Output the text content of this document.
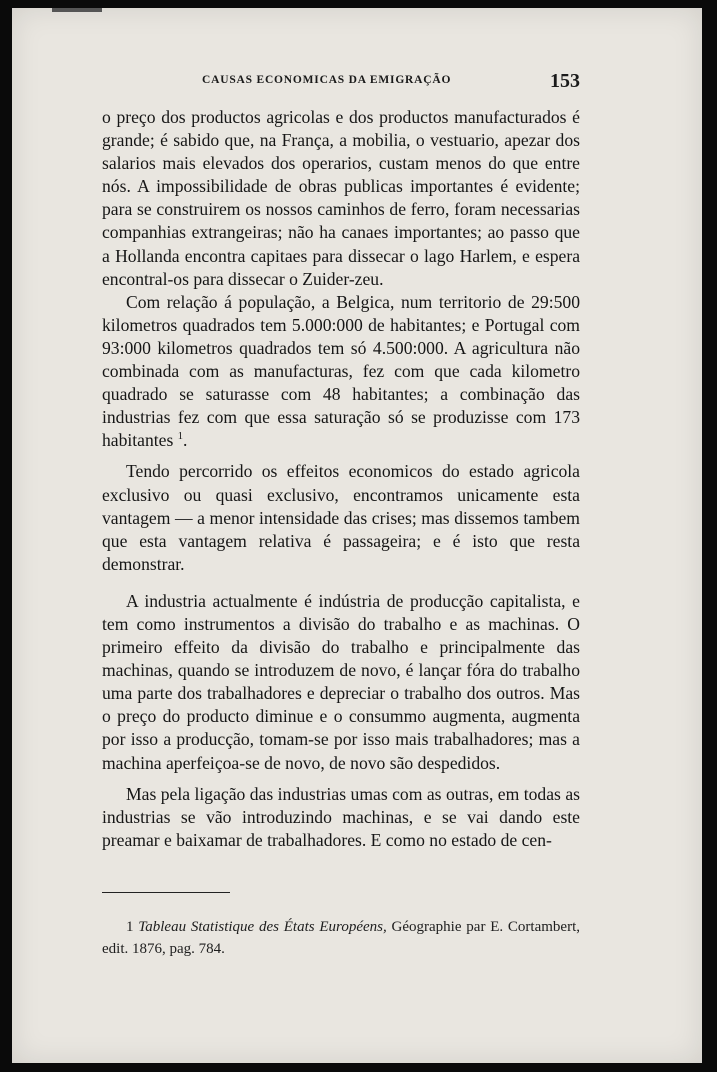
CAUSAS ECONOMICAS DA EMIGRAÇÃO	153

o preço dos productos agricolas e dos productos manufacturados é grande; é sabido que, na França, a mobilia, o vestuario, apezar dos salarios mais elevados dos operarios, custam menos do que entre nós. A impossibilidade de obras publicas importantes é evidente; para se construirem os nossos caminhos de ferro, foram necessarias companhias extrangeiras; não ha canaes importantes; ao passo que a Hollanda encontra capitaes para dissecar o lago Harlem, e espera encontral-os para dissecar o Zuider-zeu.

Com relação á população, a Belgica, num territorio de 29:500 kilometros quadrados tem 5.000:000 de habitantes; e Portugal com 93:000 kilometros quadrados tem só 4.500:000. A agricultura não combinada com as manufacturas, fez com que cada kilometro quadrado se saturasse com 48 habitantes; a combinação das industrias fez com que essa saturação só se produzisse com 173 habitantes $^1$.

Tendo percorrido os effeitos economicos do estado agricola exclusivo ou quasi exclusivo, encontramos unicamente esta vantagem — a menor intensidade das crises; mas dissemos tambem que esta vantagem relativa é passageira; e é isto que resta demonstrar.

A industria actualmente é indústria de producção capitalista, e tem como instrumentos a divisão do trabalho e as machinas. O primeiro effeito da divisão do trabalho e principalmente das machinas, quando se introduzem de novo, é lançar fóra do trabalho uma parte dos trabalhadores e depreciar o trabalho dos outros. Mas o preço do producto diminue e o consummo augmenta, augmenta por isso a producção, tomam-se por isso mais trabalhadores; mas a machina aperfeiçoa-se de novo, de novo são despedidos.

Mas pela ligação das industrias umas com as outras, em todas as industrias se vão introduzindo machinas, e se vai dando este preamar e baixamar de trabalhadores. E como no estado de cen-

1 Tableau Statistique des États Européens, Géographie par E. Cortambert, edit. 1876, pag. 784.
